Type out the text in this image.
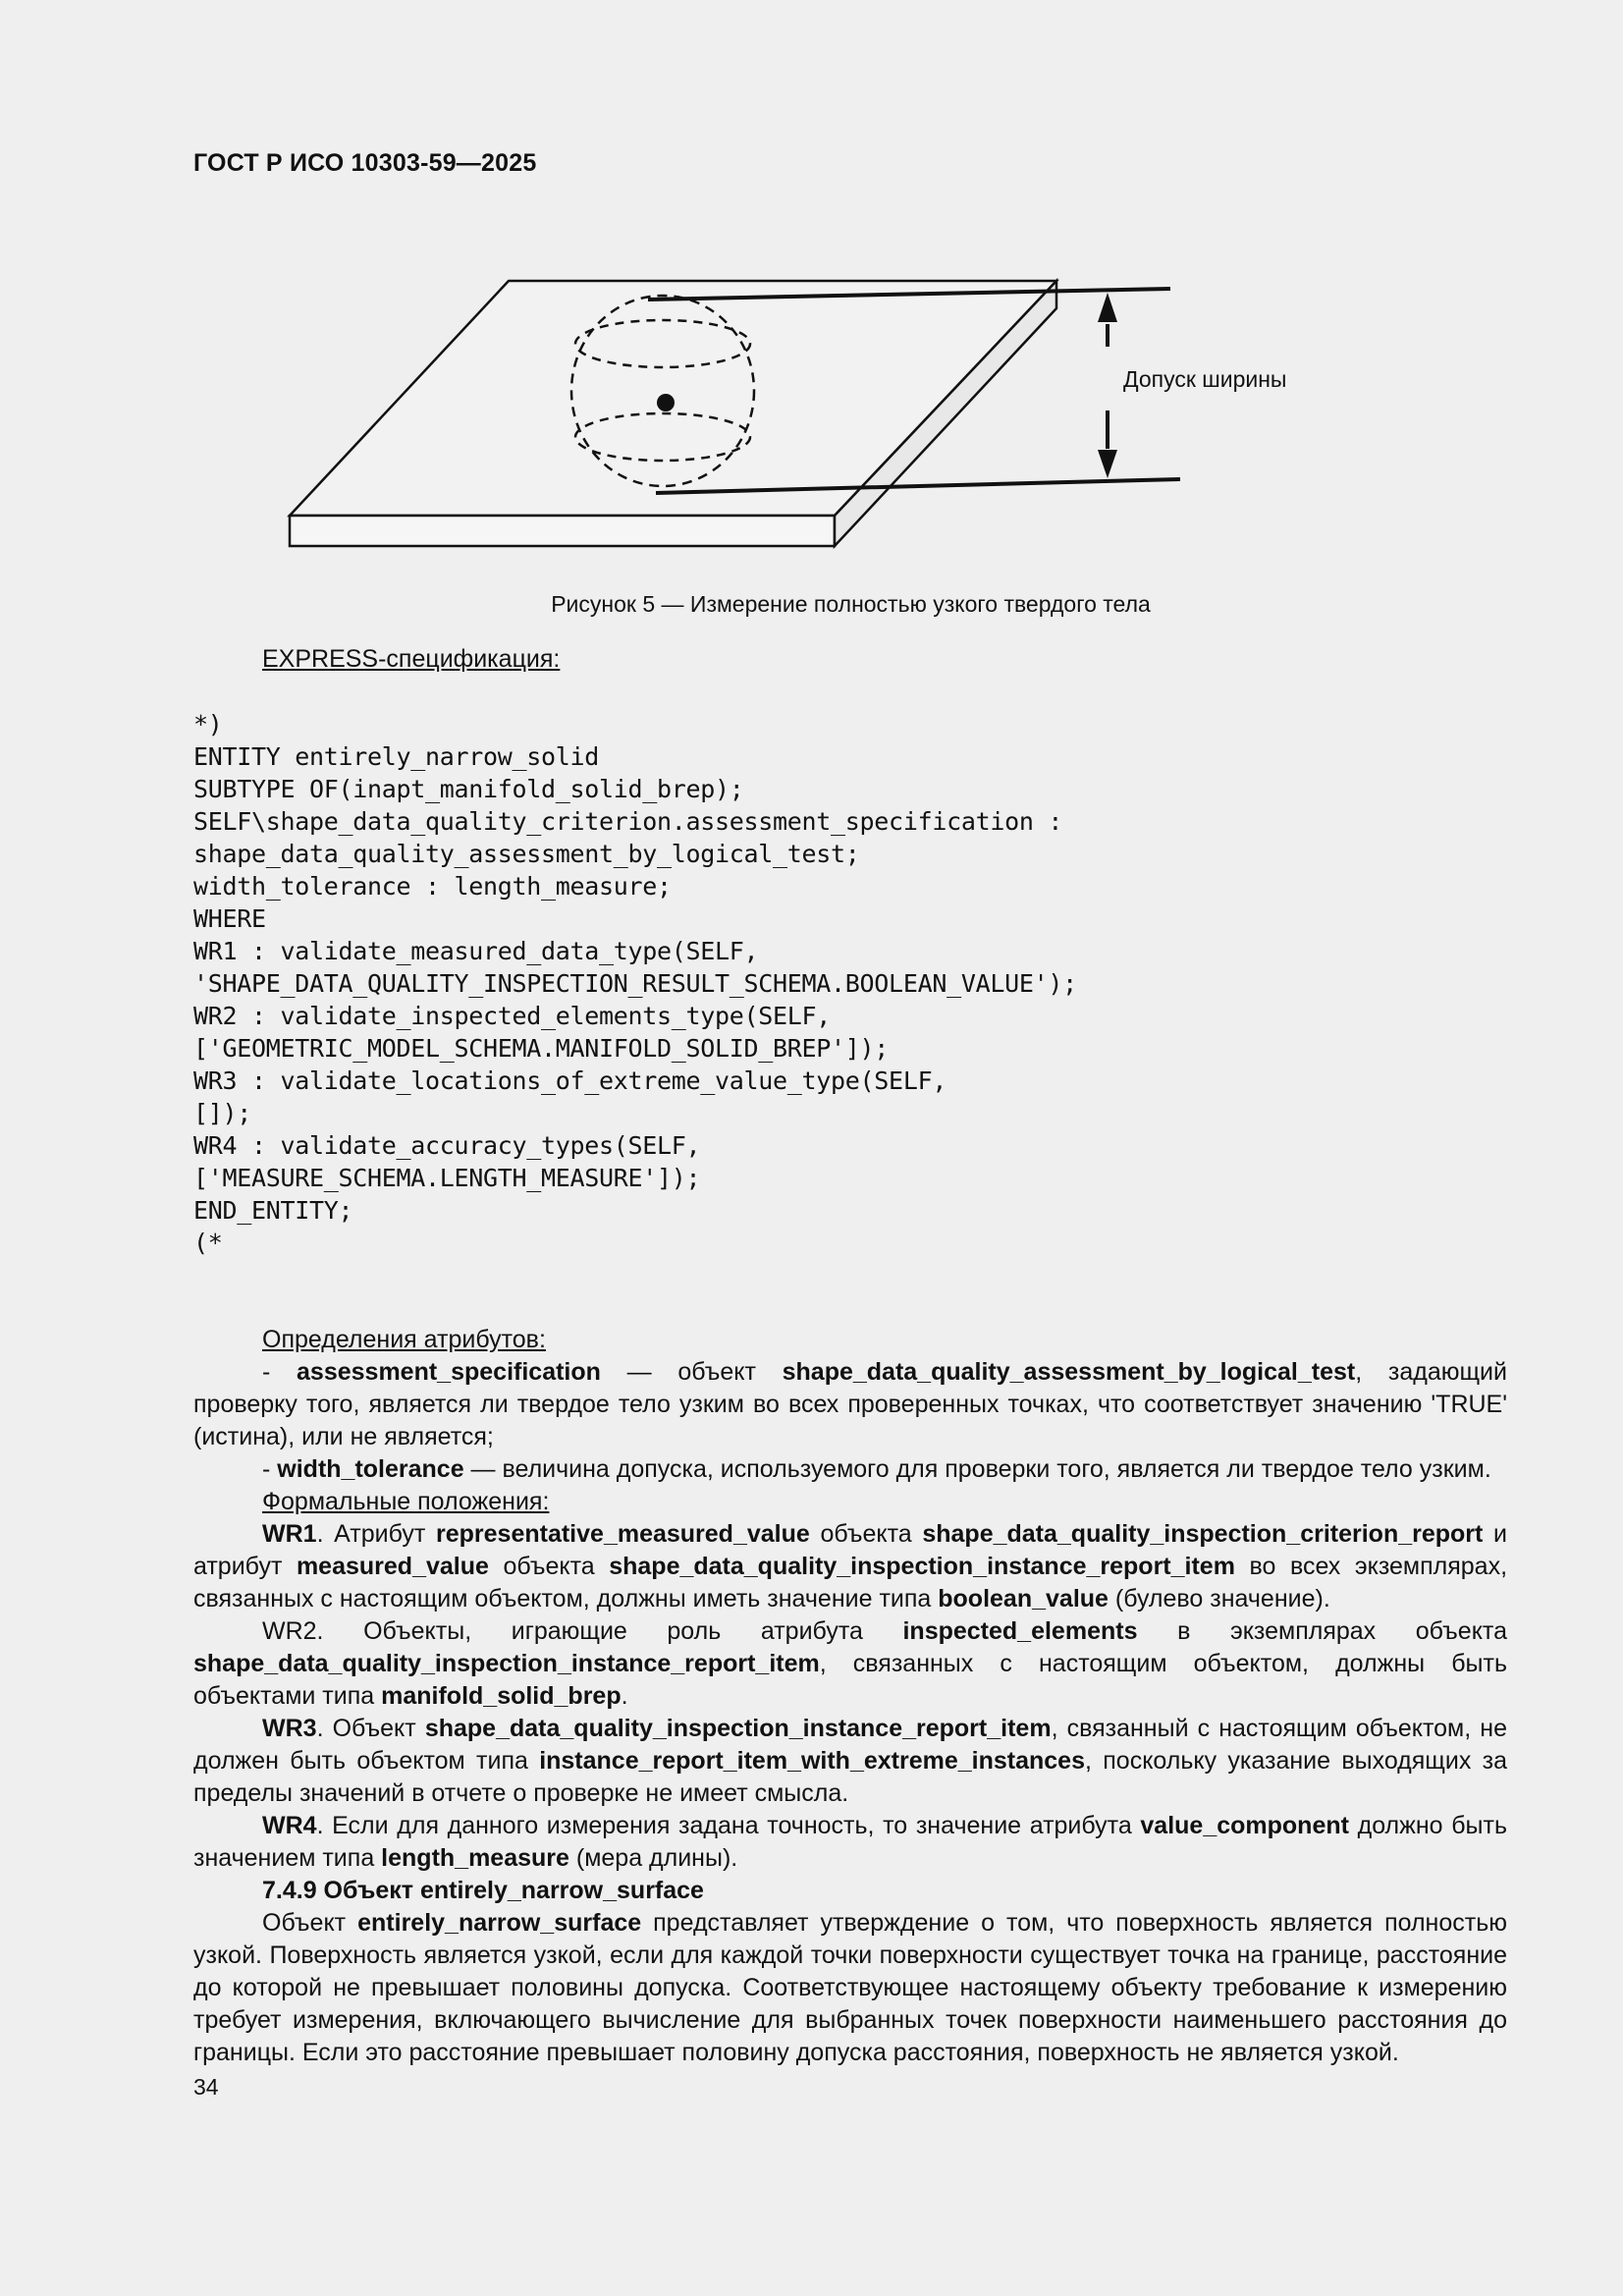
ГОСТ Р ИСО 10303-59—2025
Допуск ширины
Рисунок 5 — Измерение полностью узкого твердого тела
EXPRESS-спецификация:

*)
ENTITY entirely_narrow_solid
SUBTYPE OF(inapt_manifold_solid_brep);
SELF\shape_data_quality_criterion.assessment_specification :
shape_data_quality_assessment_by_logical_test;
width_tolerance : length_measure;
WHERE
WR1 : validate_measured_data_type(SELF,
'SHAPE_DATA_QUALITY_INSPECTION_RESULT_SCHEMA.BOOLEAN_VALUE');
WR2 : validate_inspected_elements_type(SELF,
['GEOMETRIC_MODEL_SCHEMA.MANIFOLD_SOLID_BREP']);
WR3 : validate_locations_of_extreme_value_type(SELF,
[]);
WR4 : validate_accuracy_types(SELF,
['MEASURE_SCHEMA.LENGTH_MEASURE']);
END_ENTITY;
(*

Определения атрибутов:
- assessment_specification — объект shape_data_quality_assessment_by_logical_test, задающий проверку того, является ли твердое тело узким во всех проверенных точках, что соответствует значению 'TRUE' (истина), или не является;
- width_tolerance — величина допуска, используемого для проверки того, является ли твердое тело узким.
Формальные положения:
WR1. Атрибут representative_measured_value объекта shape_data_quality_inspection_criterion_report и атрибут measured_value объекта shape_data_quality_inspection_instance_report_item во всех экземплярах, связанных с настоящим объектом, должны иметь значение типа boolean_value (булево значение).
WR2. Объекты, играющие роль атрибута inspected_elements в экземплярах объекта shape_data_quality_inspection_instance_report_item, связанных с настоящим объектом, должны быть объектами типа manifold_solid_brep.
WR3. Объект shape_data_quality_inspection_instance_report_item, связанный с настоящим объектом, не должен быть объектом типа instance_report_item_with_extreme_instances, поскольку указание выходящих за пределы значений в отчете о проверке не имеет смысла.
WR4. Если для данного измерения задана точность, то значение атрибута value_component должно быть значением типа length_measure (мера длины).
7.4.9 Объект entirely_narrow_surface
Объект entirely_narrow_surface представляет утверждение о том, что поверхность является полностью узкой. Поверхность является узкой, если для каждой точки поверхности существует точка на границе, расстояние до которой не превышает половины допуска. Соответствующее настоящему объекту требование к измерению требует измерения, включающего вычисление для выбранных точек поверхности наименьшего расстояния до границы. Если это расстояние превышает половину допуска расстояния, поверхность не является узкой.
34
